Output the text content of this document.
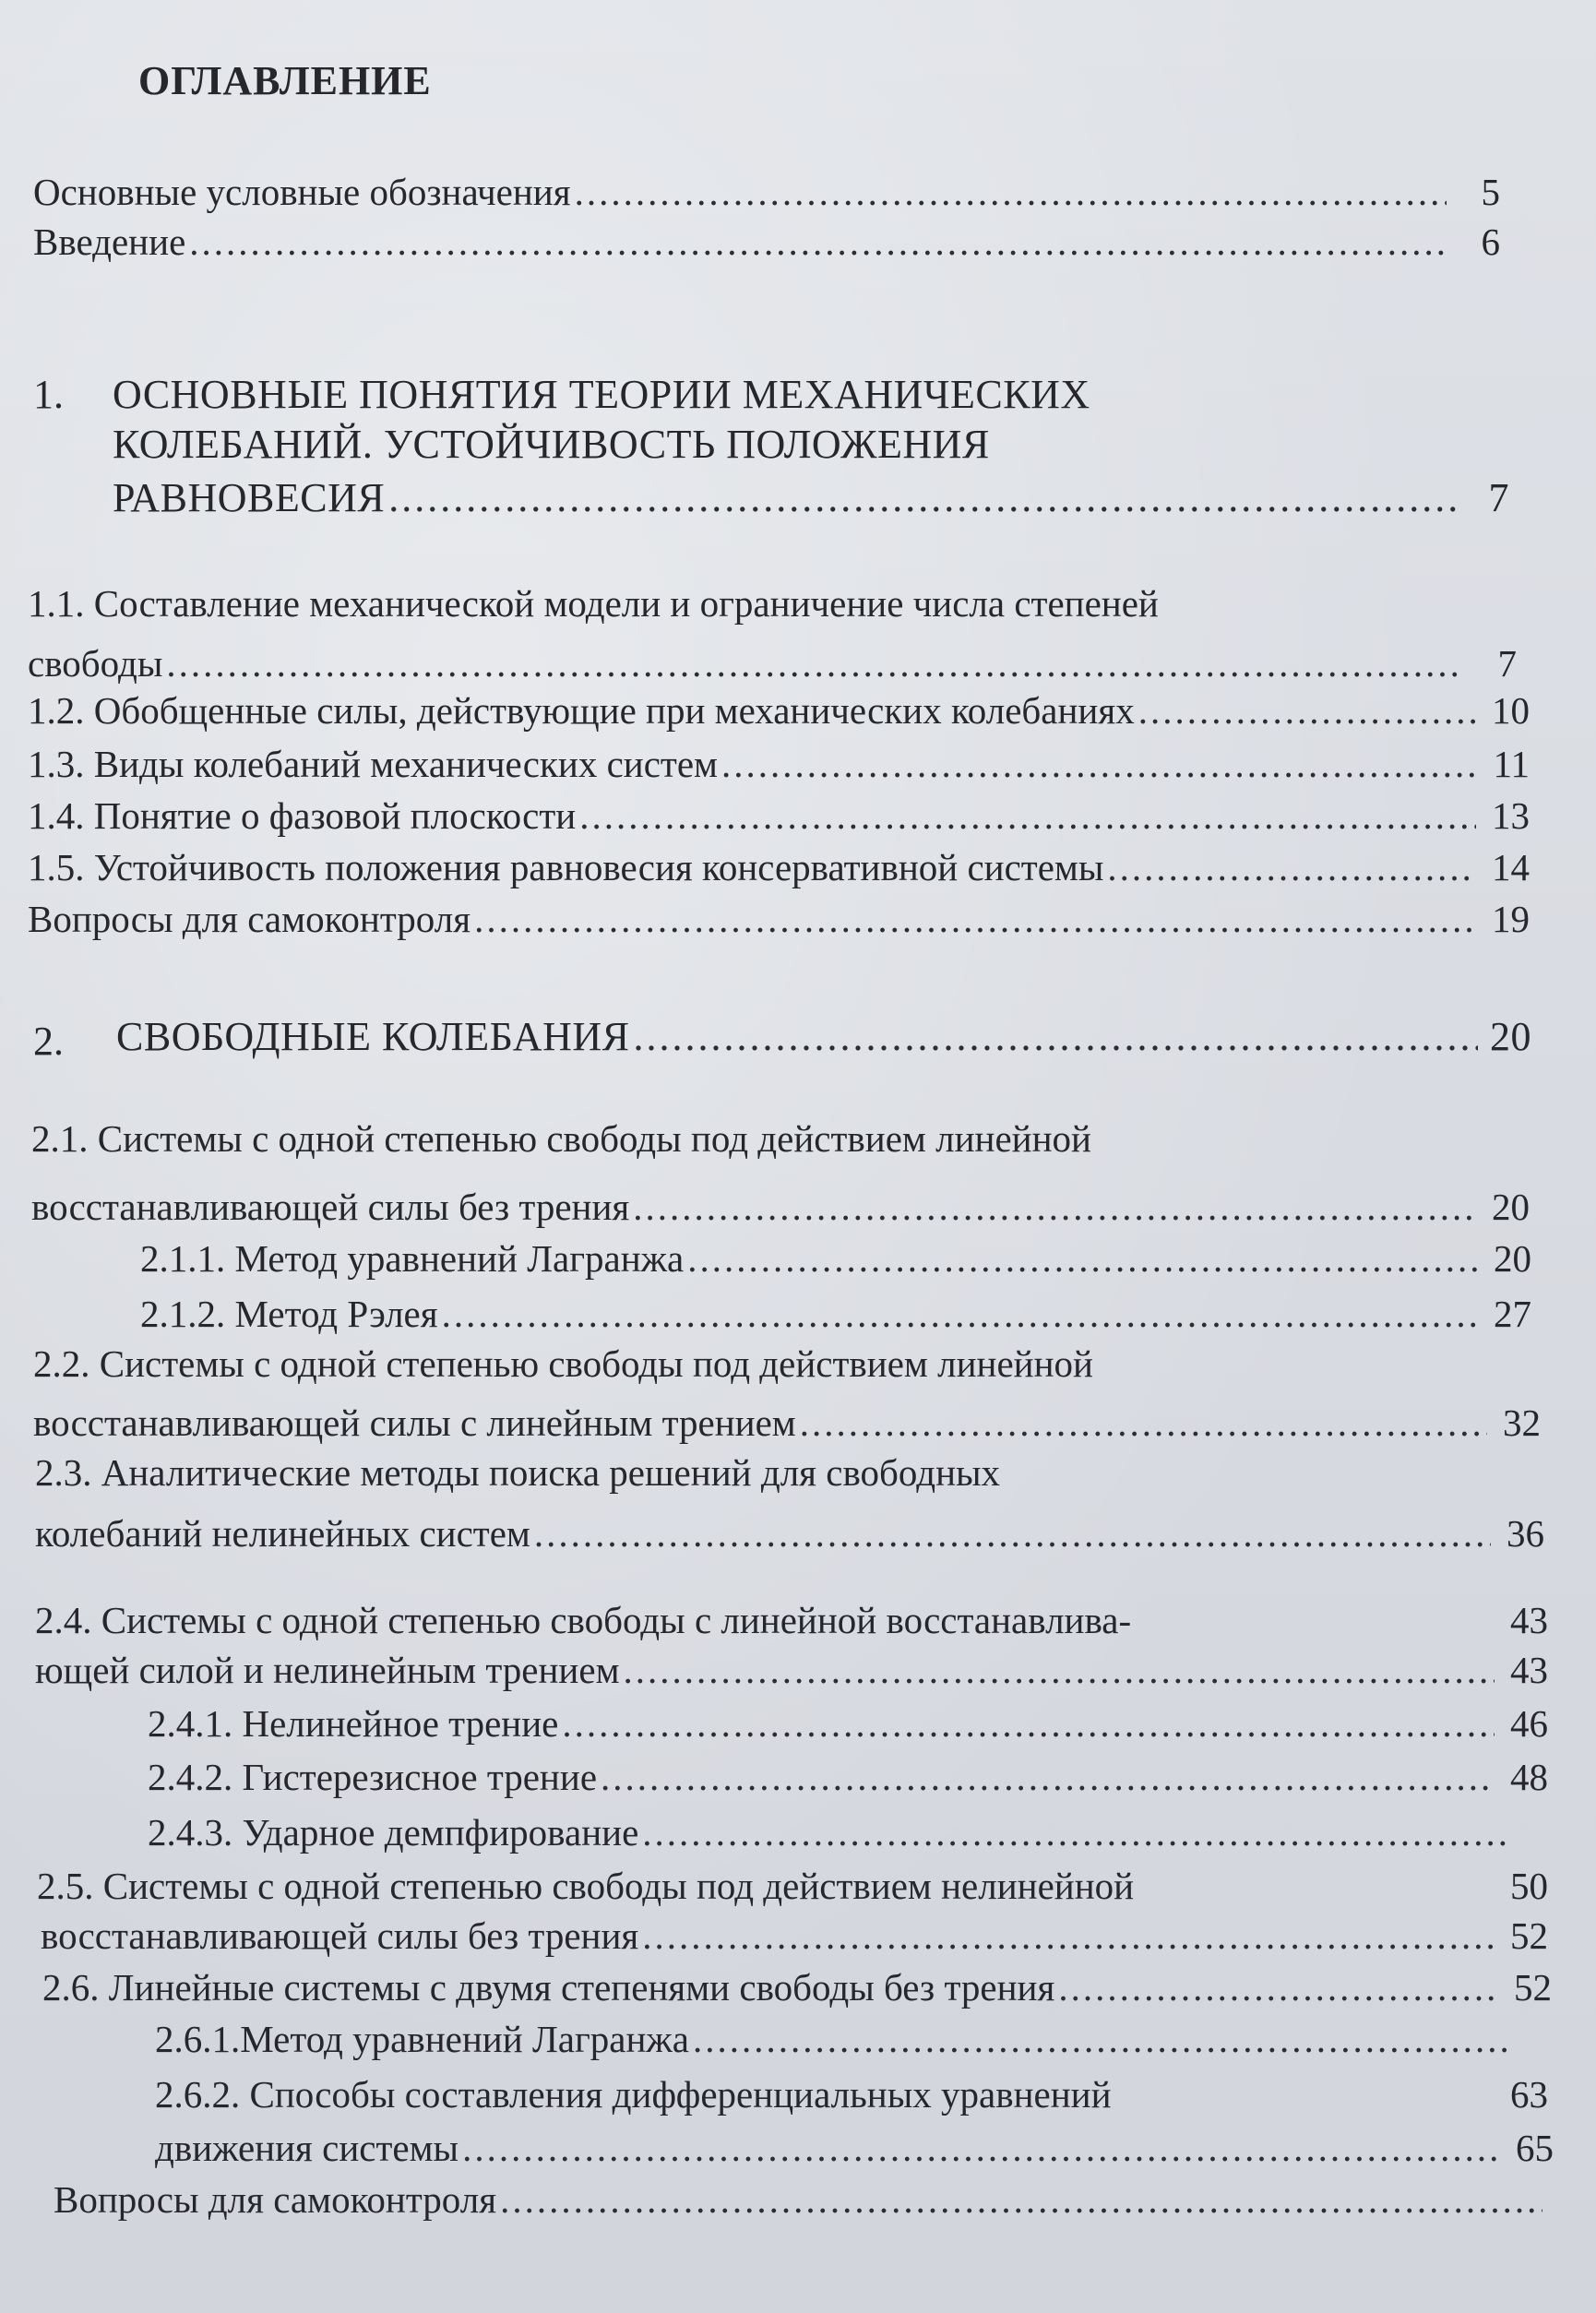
ОГЛАВЛЕНИЕ
Основные условные обозначения .....	5
Введение .....	6
1. ОСНОВНЫЕ ПОНЯТИЯ ТЕОРИИ МЕХАНИЧЕСКИХ
КОЛЕБАНИЙ. УСТОЙЧИВОСТЬ ПОЛОЖЕНИЯ
РАВНОВЕСИЯ .....	7
1.1. Составление механической модели и ограничение числа степеней
свободы .....	7
1.2. Обобщенные силы, действующие при механических колебаниях .....	10
1.3. Виды колебаний механических систем .....	11
1.4. Понятие о фазовой плоскости .....	13
1.5. Устойчивость положения равновесия консервативной системы .....	14
Вопросы для самоконтроля .....	19
2. СВОБОДНЫЕ КОЛЕБАНИЯ .....	20
2.1. Системы с одной степенью свободы под действием линейной
восстанавливающей силы без трения .....	20
2.1.1. Метод уравнений Лагранжа .....	20
2.1.2. Метод Рэлея .....	27
2.2. Системы с одной степенью свободы под действием линейной
восстанавливающей силы с линейным трением .....	32
2.3. Аналитические методы поиска решений для свободных
колебаний нелинейных систем .....	36
2.4. Системы с одной степенью свободы с линейной восстанавлива-	43
ющей силой и нелинейным трением .....	43
2.4.1. Нелинейное трение .....	46
2.4.2. Гистерезисное трение .....	48
2.4.3. Ударное демпфирование
.....
2.5. Системы с одной степенью свободы под действием нелинейной	50
восстанавливающей силы без трения .....	52
2.6. Линейные системы с двумя степенями свободы без трения .....	52
2.6.1.Метод уравнений Лагранжа
.....
2.6.2. Способы составления дифференциальных уравнений	63
движения системы .....	65
Вопросы для самоконтроля
.....
